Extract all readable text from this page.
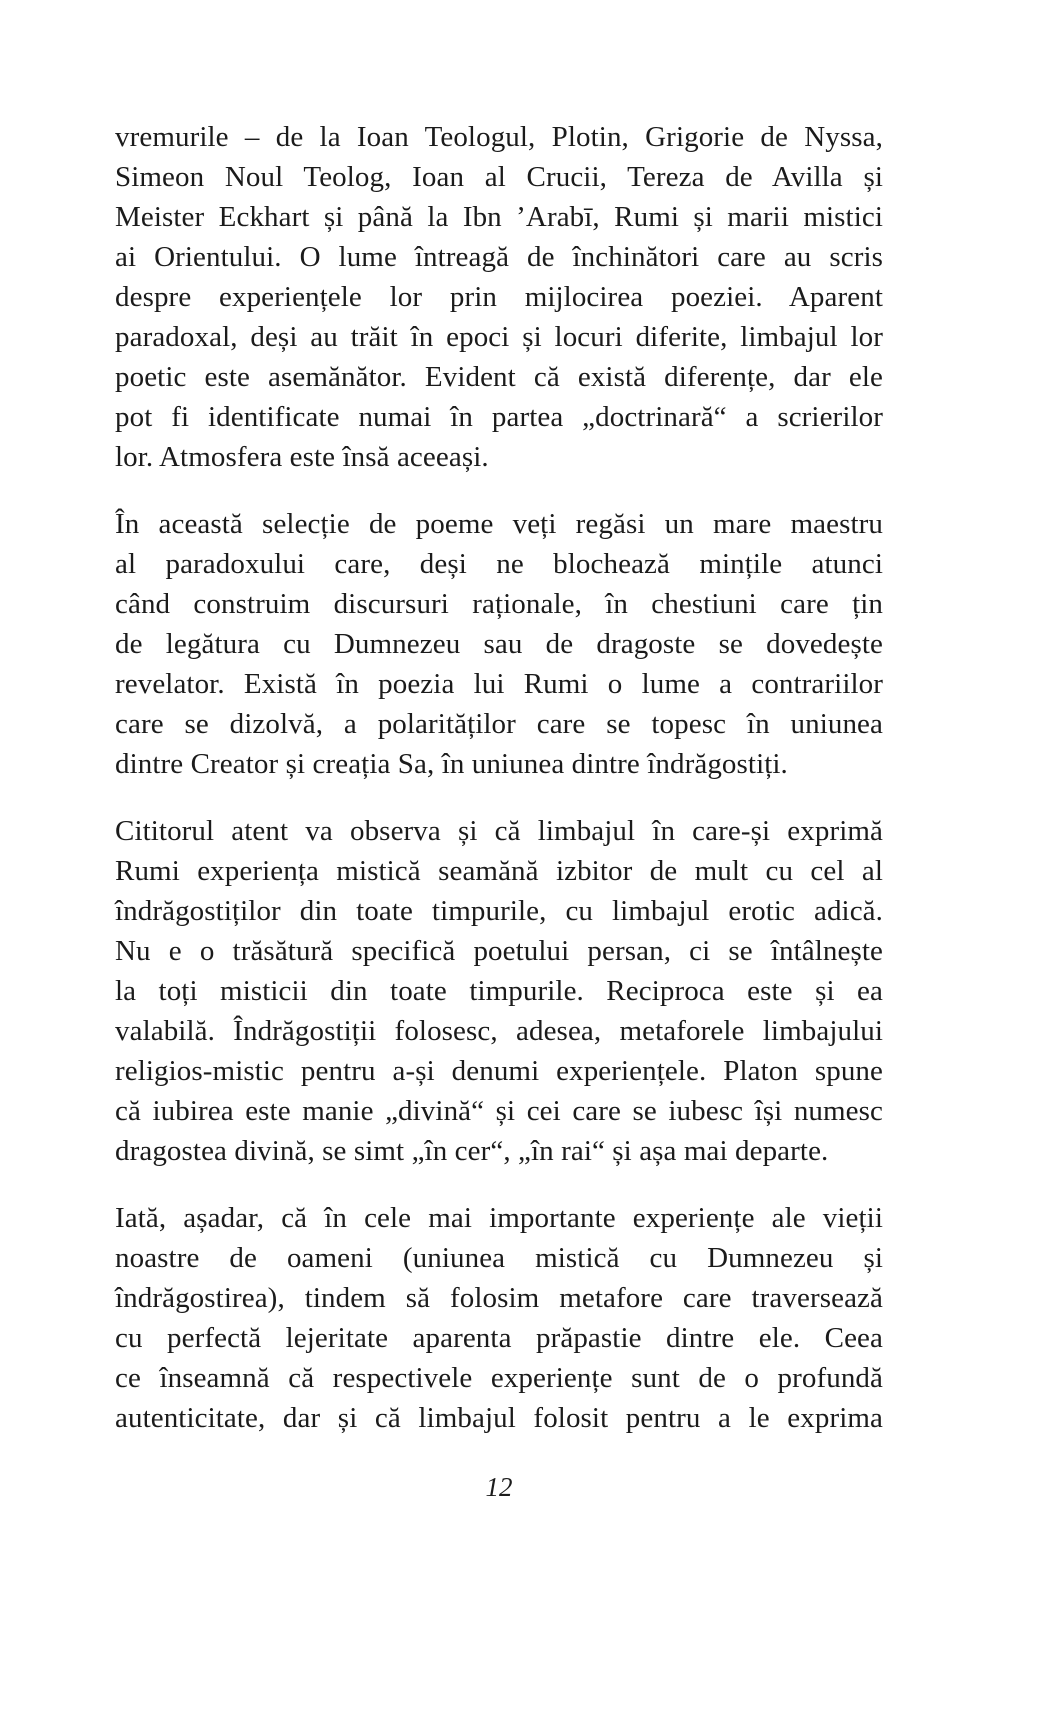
vremurile – de la Ioan Teologul, Plotin, Grigorie de Nyssa,
Simeon Noul Teolog, Ioan al Crucii, Tereza de Avilla și
Meister Eckhart și până la Ibn ’Arabī, Rumi și marii mistici
ai Orientului. O lume întreagă de închinători care au scris
despre experiențele lor prin mijlocirea poeziei. Aparent
paradoxal, deși au trăit în epoci și locuri diferite, limbajul lor
poetic este asemănător. Evident că există diferențe, dar ele
pot fi identificate numai în partea „doctrinară“ a scrierilor
lor. Atmosfera este însă aceeași.

În această selecție de poeme veți regăsi un mare maestru
al paradoxului care, deși ne blochează mințile atunci
când construim discursuri raționale, în chestiuni care țin
de legătura cu Dumnezeu sau de dragoste se dovedește
revelator. Există în poezia lui Rumi o lume a contrariilor
care se dizolvă, a polarităților care se topesc în uniunea
dintre Creator și creația Sa, în uniunea dintre îndrăgostiți.

Cititorul atent va observa și că limbajul în care-și exprimă
Rumi experiența mistică seamănă izbitor de mult cu cel al
îndrăgostiților din toate timpurile, cu limbajul erotic adică.
Nu e o trăsătură specifică poetului persan, ci se întâlnește
la toți misticii din toate timpurile. Reciproca este și ea
valabilă. Îndrăgostiții folosesc, adesea, metaforele limbajului
religios-mistic pentru a-și denumi experiențele. Platon spune
că iubirea este manie „divină“ și cei care se iubesc își numesc
dragostea divină, se simt „în cer“, „în rai“ și așa mai departe.

Iată, așadar, că în cele mai importante experiențe ale vieții
noastre de oameni (uniunea mistică cu Dumnezeu și
îndrăgostirea), tindem să folosim metafore care traversează
cu perfectă lejeritate aparenta prăpastie dintre ele. Ceea
ce înseamnă că respectivele experiențe sunt de o profundă
autenticitate, dar și că limbajul folosit pentru a le exprima

12
